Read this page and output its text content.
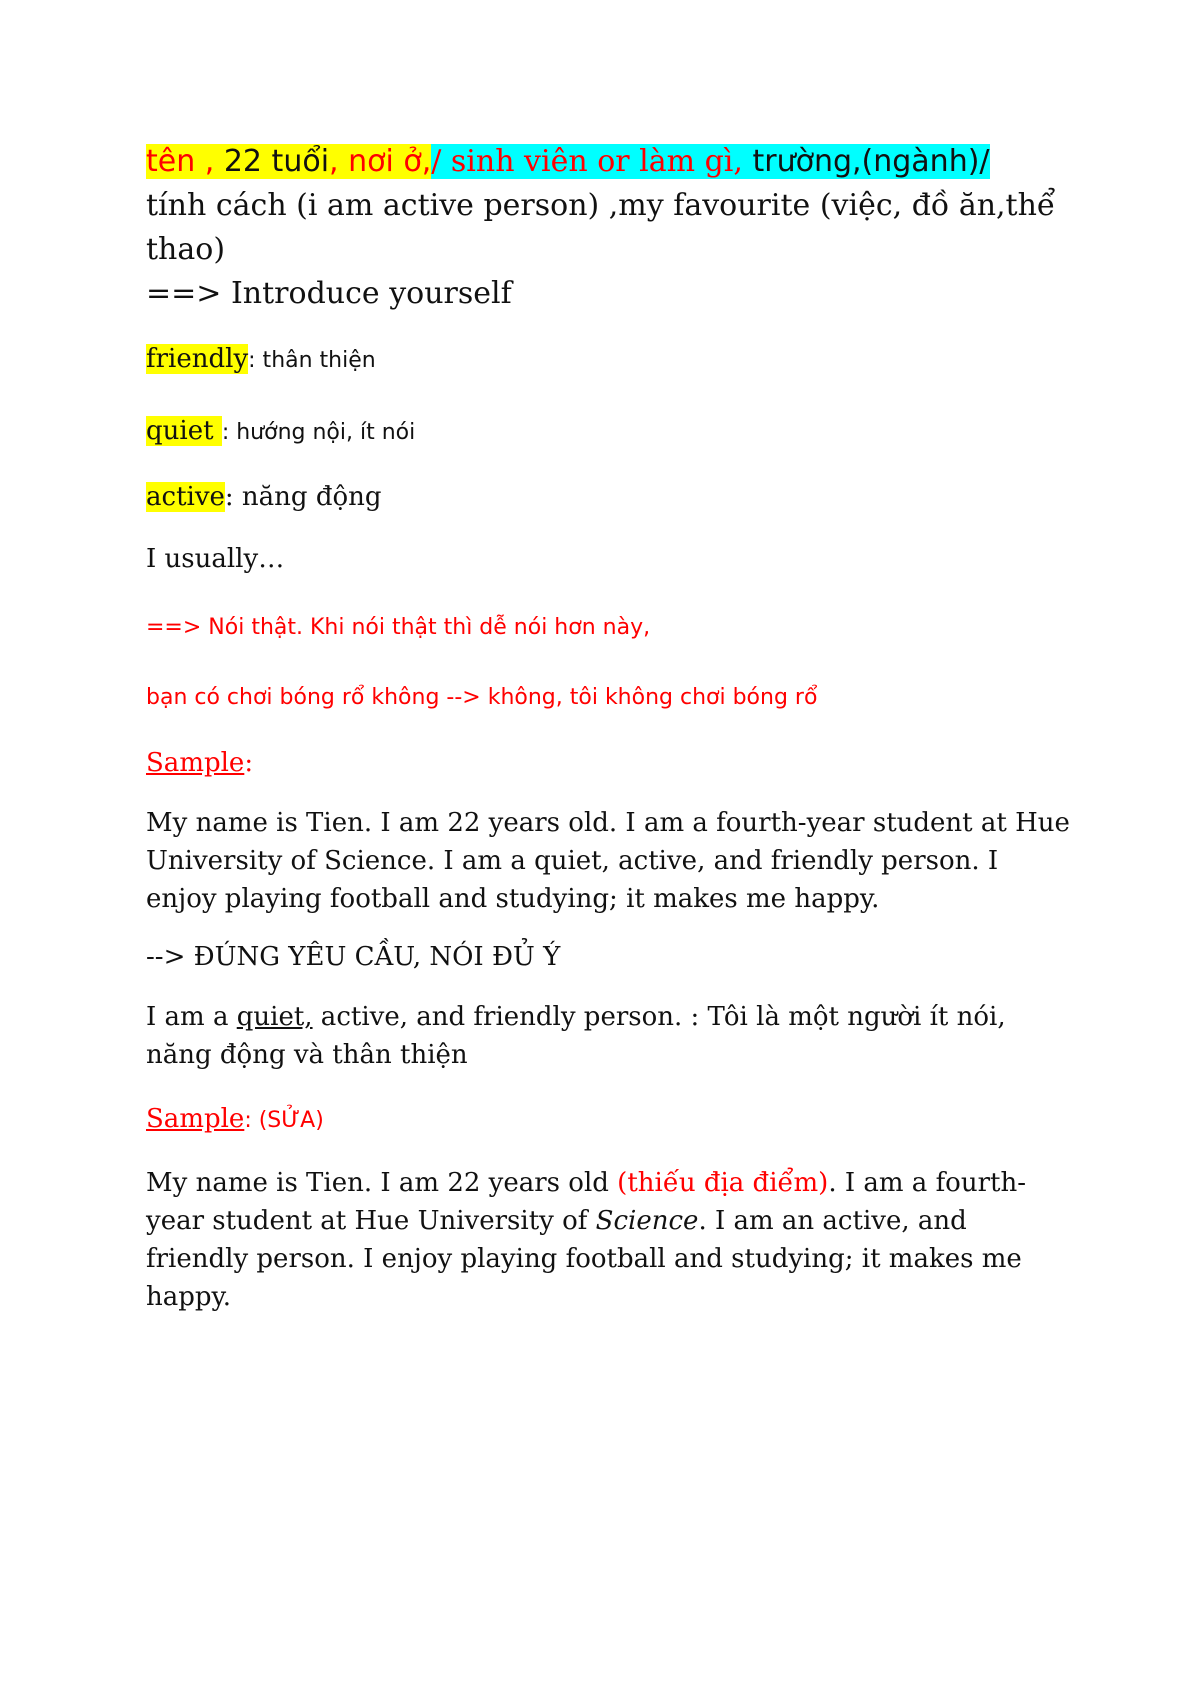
tên , 22 tuổi, nơi ở,/ sinh viên or làm gì, trường,(ngành)/

tính cách (i am active person) ,my favourite (việc, đồ ăn,thể thao)

==> Introduce yourself

friendly: thân thiện

quiet : hướng nội, ít nói

active: năng động

I usually…

==> Nói thật. Khi nói thật thì dễ nói hơn này,

bạn có chơi bóng rổ không --> không, tôi không chơi bóng rổ

Sample:

My name is Tien. I am 22 years old. I am a fourth-year student at Hue University of Science. I am a quiet, active, and friendly person. I enjoy playing football and studying; it makes me happy.

--> ĐÚNG YÊU CẦU, NÓI ĐỦ Ý

I am a quiet, active, and friendly person. : Tôi là một người ít nói, năng động và thân thiện

Sample: (SỬA)

My name is Tien. I am 22 years old (thiếu địa điểm). I am a fourth-year student at Hue University of Science. I am an active, and friendly person. I enjoy playing football and studying; it makes me happy.
